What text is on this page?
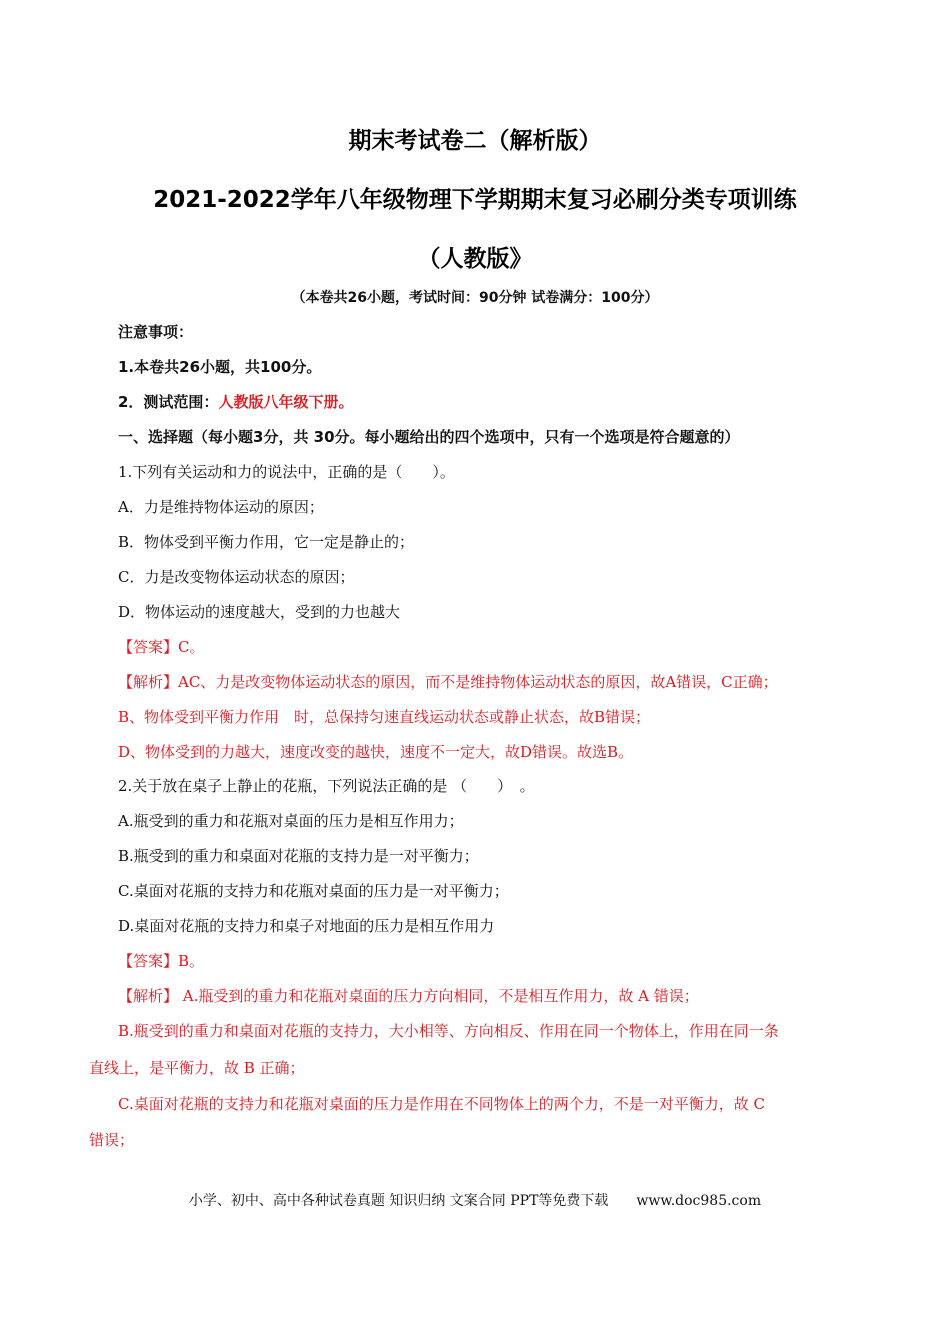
期末考试卷二（解析版）
2021-2022学年八年级物理下学期期末复习必刷分类专项训练
（人教版》
（本卷共26小题，考试时间：90分钟 试卷满分：100分）
注意事项：
1.本卷共26小题，共100分。
2．测试范围：人教版八年级下册。
一、选择题（每小题3分，共 30分。每小题给出的四个选项中，只有一个选项是符合题意的）
1.下列有关运动和力的说法中，正确的是（　　）。
A．力是维持物体运动的原因；
B．物体受到平衡力作用，它一定是静止的；
C．力是改变物体运动状态的原因；
D．物体运动的速度越大，受到的力也越大
【答案】C。
【解析】AC、力是改变物体运动状态的原因，而不是维持物体运动状态的原因，故A错误，C正确；
B、物体受到平衡力作用　时，总保持匀速直线运动状态或静止状态，故B错误；
D、物体受到的力越大，速度改变的越快，速度不一定大，故D错误。故选B。
2.关于放在桌子上静止的花瓶，下列说法正确的是 （　　）　。
A.瓶受到的重力和花瓶对桌面的压力是相互作用力；
B.瓶受到的重力和桌面对花瓶的支持力是一对平衡力；
C.桌面对花瓶的支持力和花瓶对桌面的压力是一对平衡力；
D.桌面对花瓶的支持力和桌子对地面的压力是相互作用力
【答案】B。
【解析】 A.瓶受到的重力和花瓶对桌面的压力方向相同，不是相互作用力，故 A 错误；
B.瓶受到的重力和桌面对花瓶的支持力，大小相等、方向相反、作用在同一个物体上，作用在同一条
直线上，是平衡力，故 B 正确；
C.桌面对花瓶的支持力和花瓶对桌面的压力是作用在不同物体上的两个力，不是一对平衡力，故 C
错误；
小学、初中、高中各种试卷真题 知识归纳 文案合同 PPT等免费下载　　www.doc985.com
